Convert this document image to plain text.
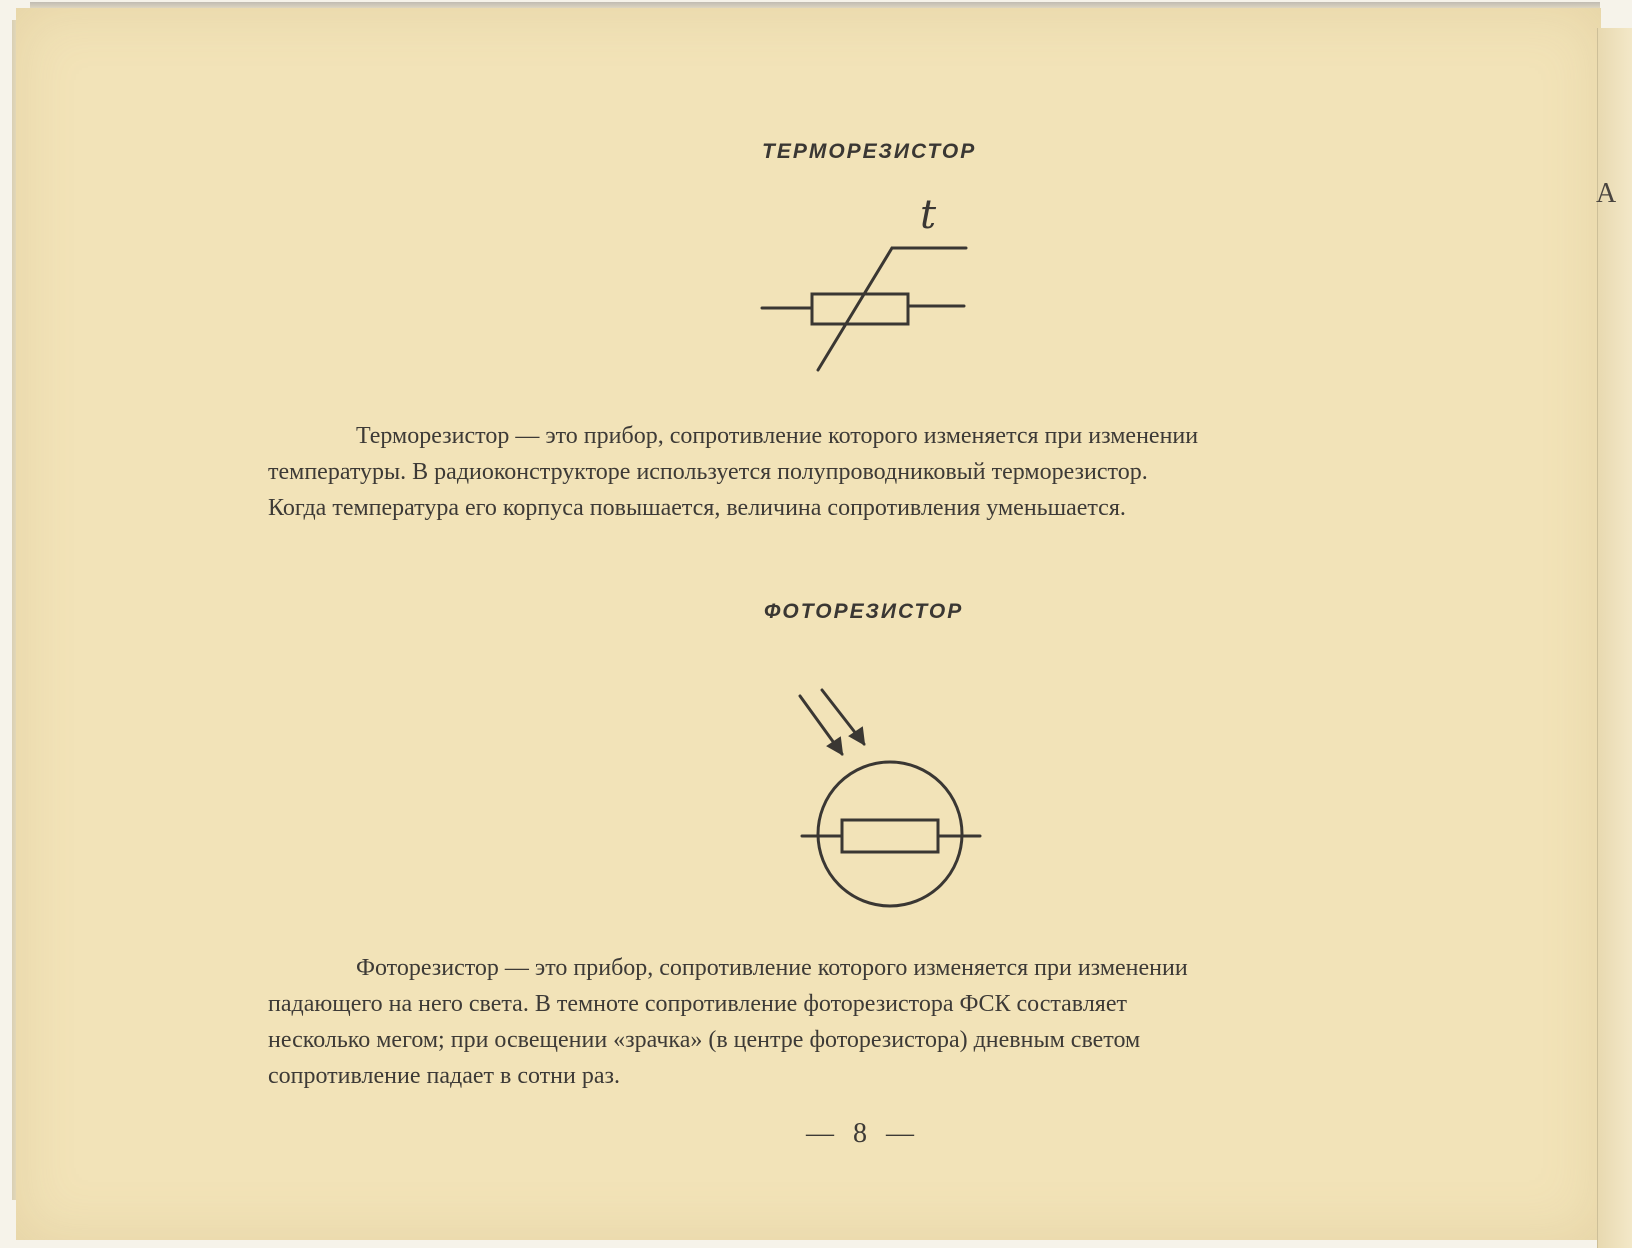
А
ТЕРМОРЕЗИСТОР
t
Терморезистор — это прибор, сопротивление которого изменяется при изменении
температуры. В радиоконструкторе используется полупроводниковый терморезистор.
Когда температура его корпуса повышается, величина сопротивления уменьшается.
ФОТОРЕЗИСТОР
Фоторезистор — это прибор, сопротивление которого изменяется при изменении
падающего на него света. В темноте сопротивление фоторезистора ФСК составляет
несколько мегом; при освещении «зрачка» (в центре фоторезистора) дневным светом
сопротивление падает в сотни раз.
— 8 —
